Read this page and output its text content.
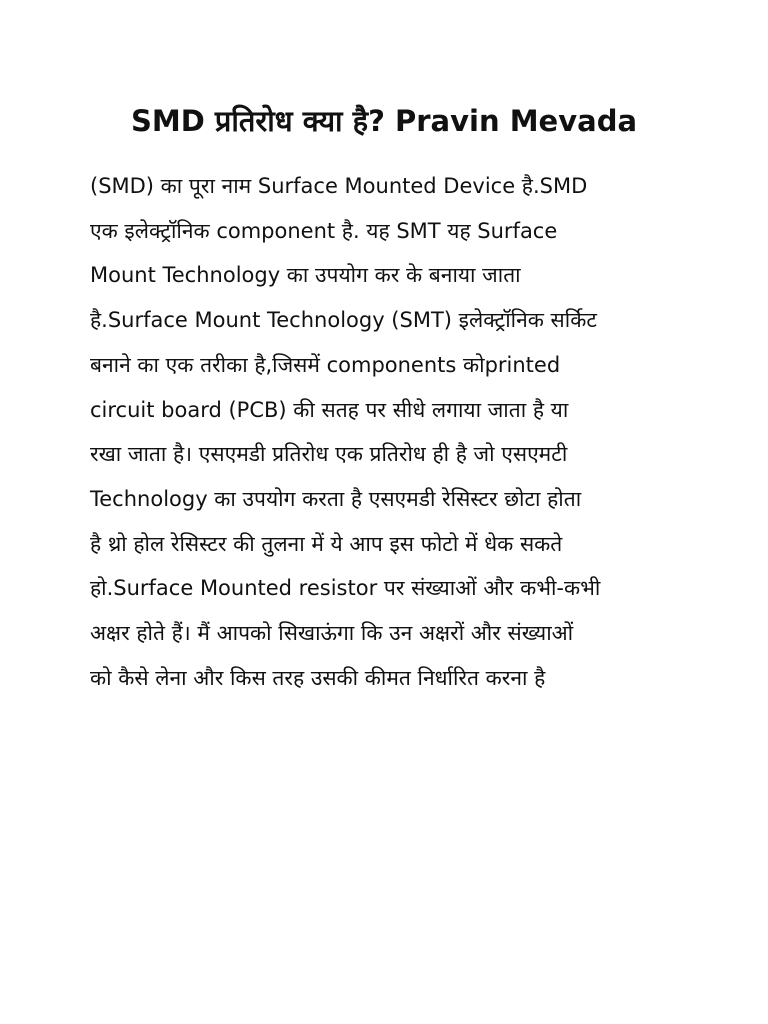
SMD प्रतिरोध क्या है? Pravin Mevada

(SMD) का पूरा नाम Surface Mounted Device है.SMD

एक इलेक्ट्रॉनिक component है. यह SMT यह Surface

Mount Technology का उपयोग कर के बनाया जाता

है.Surface Mount Technology (SMT) इलेक्ट्रॉनिक सर्किट

बनाने का एक तरीका है,जिसमें components कोprinted

circuit board (PCB) की सतह पर सीधे लगाया जाता है या

रखा जाता है। एसएमडी प्रतिरोध एक प्रतिरोध ही है जो एसएमटी

Technology का उपयोग करता है एसएमडी रेसिस्टर छोटा होता

है थ्रो होल रेसिस्टर की तुलना में ये आप इस फोटो में धेक सकते

हो.Surface Mounted resistor पर संख्याओं और कभी-कभी

अक्षर होते हैं। मैं आपको सिखाऊंगा कि उन अक्षरों और संख्याओं

को कैसे लेना और किस तरह उसकी कीमत निर्धारित करना है
